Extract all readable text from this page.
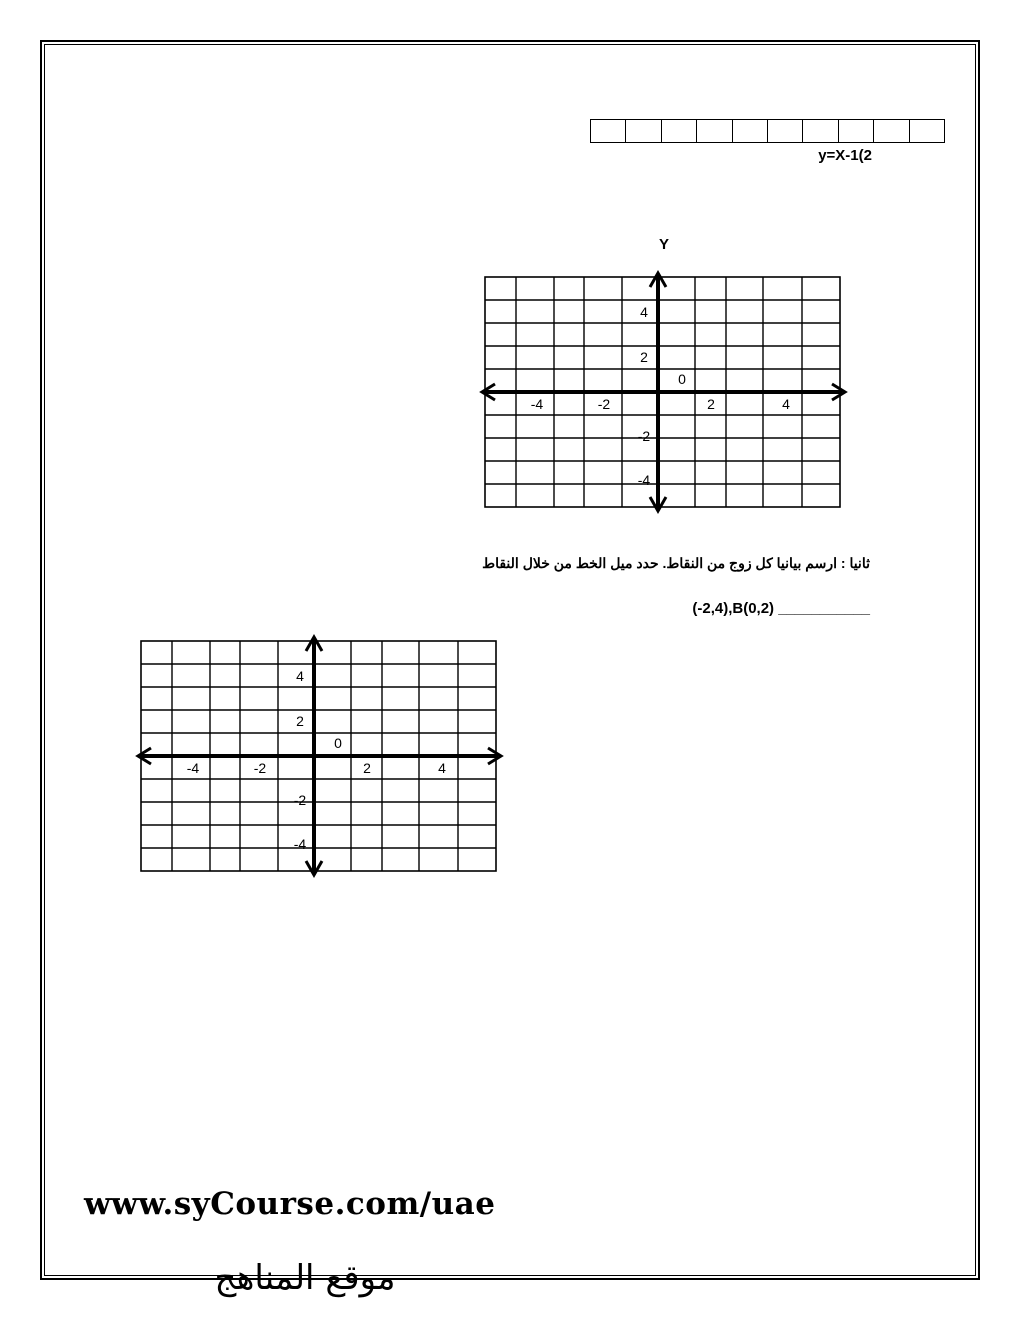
y=X-1(2
Y
-4	-2	2	4
4
2
-2
-4
0
ثانيا : ارسم بيانيا كل زوج من النقاط. حدد ميل الخط من خلال النقاط
(-2,4),B(0,2) ___________
-4	-2	2	4
4
2
-2
-4
0
www.syCourse.com/uae
موقع المناهج
